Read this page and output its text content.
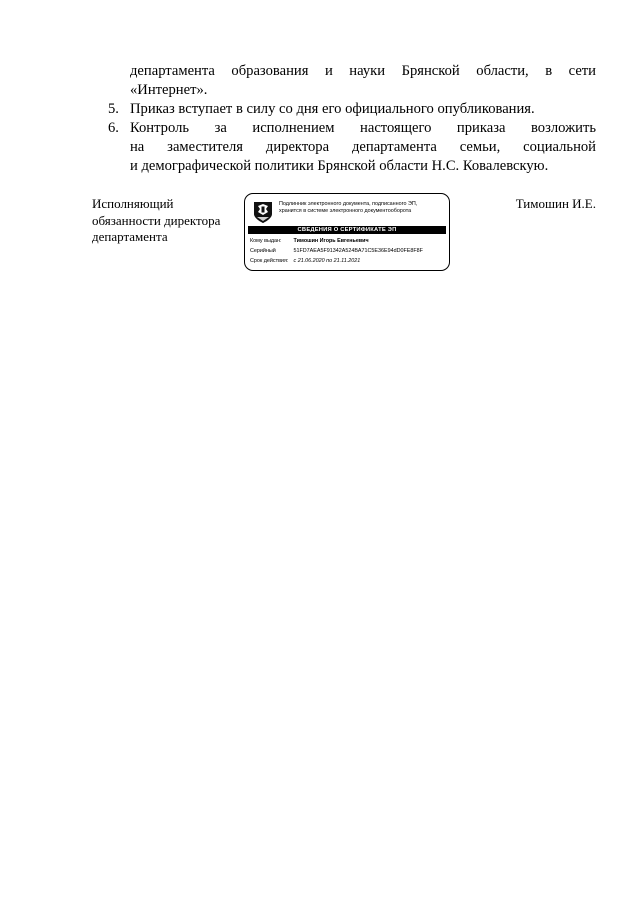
департамента образования и науки Брянской области, в сети
«Интернет».
5. Приказ вступает в силу со дня его официального опубликования.
6. Контроль за исполнением настоящего приказа возложить
на заместителя директора департамента семьи, социальной
и демографической политики Брянской области Н.С. Ковалевскую.
Исполняющий
обязанности директора
департамента
Подлинник электронного документа, подписанного ЭП,
хранится в системе электронного документооборота
СВЕДЕНИЯ О СЕРТИФИКАТЕ ЭП
Кому выдан: Тимошин Игорь Евгеньевич
Серийный	51FD7AEA5F91342A524BA71C5E36E94dD0FE8F8F
Срок действия: с 21.06.2020 по 21.11.2021
Тимошин И.Е.
